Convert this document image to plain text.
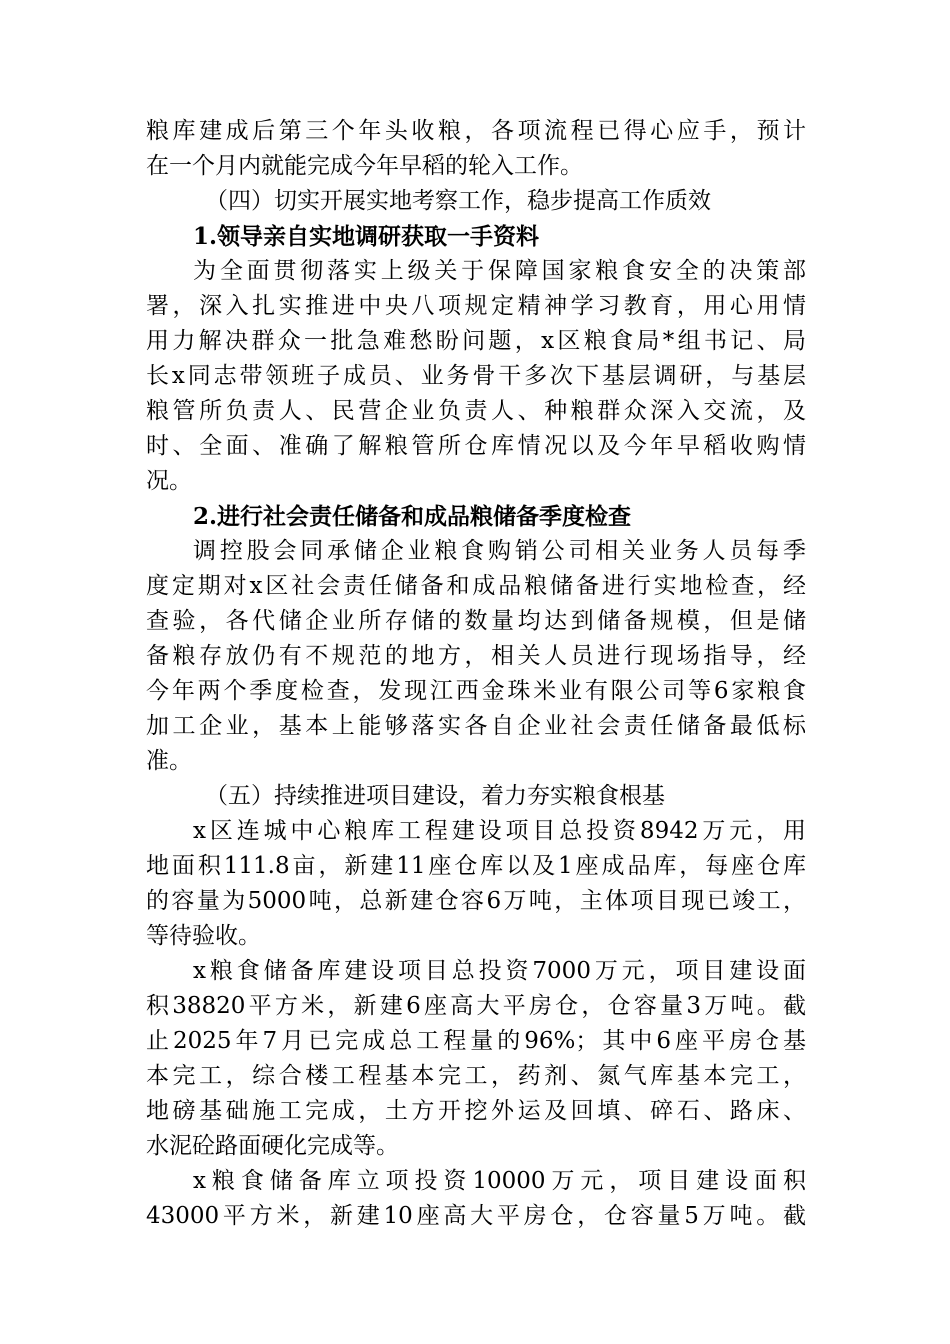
粮库建成后第三个年头收粮，各项流程已得心应手，预计
在一个月内就能完成今年早稻的轮入工作。
（四）切实开展实地考察工作，稳步提高工作质效
1.领导亲自实地调研获取一手资料
为全面贯彻落实上级关于保障国家粮食安全的决策部
署，深入扎实推进中央八项规定精神学习教育，用心用情
用力解决群众一批急难愁盼问题，x区粮食局*组书记、局
长x同志带领班子成员、业务骨干多次下基层调研，与基层
粮管所负责人、民营企业负责人、种粮群众深入交流，及
时、全面、准确了解粮管所仓库情况以及今年早稻收购情
况。
2.进行社会责任储备和成品粮储备季度检查
调控股会同承储企业粮食购销公司相关业务人员每季
度定期对x区社会责任储备和成品粮储备进行实地检查，经
查验，各代储企业所存储的数量均达到储备规模，但是储
备粮存放仍有不规范的地方，相关人员进行现场指导，经
今年两个季度检查，发现江西金珠米业有限公司等6家粮食
加工企业，基本上能够落实各自企业社会责任储备最低标
准。
（五）持续推进项目建设，着力夯实粮食根基
x区连城中心粮库工程建设项目总投资8942万元，用
地面积111.8亩，新建11座仓库以及1座成品库，每座仓库
的容量为5000吨，总新建仓容6万吨，主体项目现已竣工，
等待验收。
x粮食储备库建设项目总投资7000万元，项目建设面
积38820平方米，新建6座高大平房仓，仓容量3万吨。截
止2025年7月已完成总工程量的96%；其中6座平房仓基
本完工，综合楼工程基本完工，药剂、氮气库基本完工，
地磅基础施工完成，土方开挖外运及回填、碎石、路床、
水泥砼路面硬化完成等。
x粮食储备库立项投资10000万元，项目建设面积
43000平方米，新建10座高大平房仓，仓容量5万吨。截
